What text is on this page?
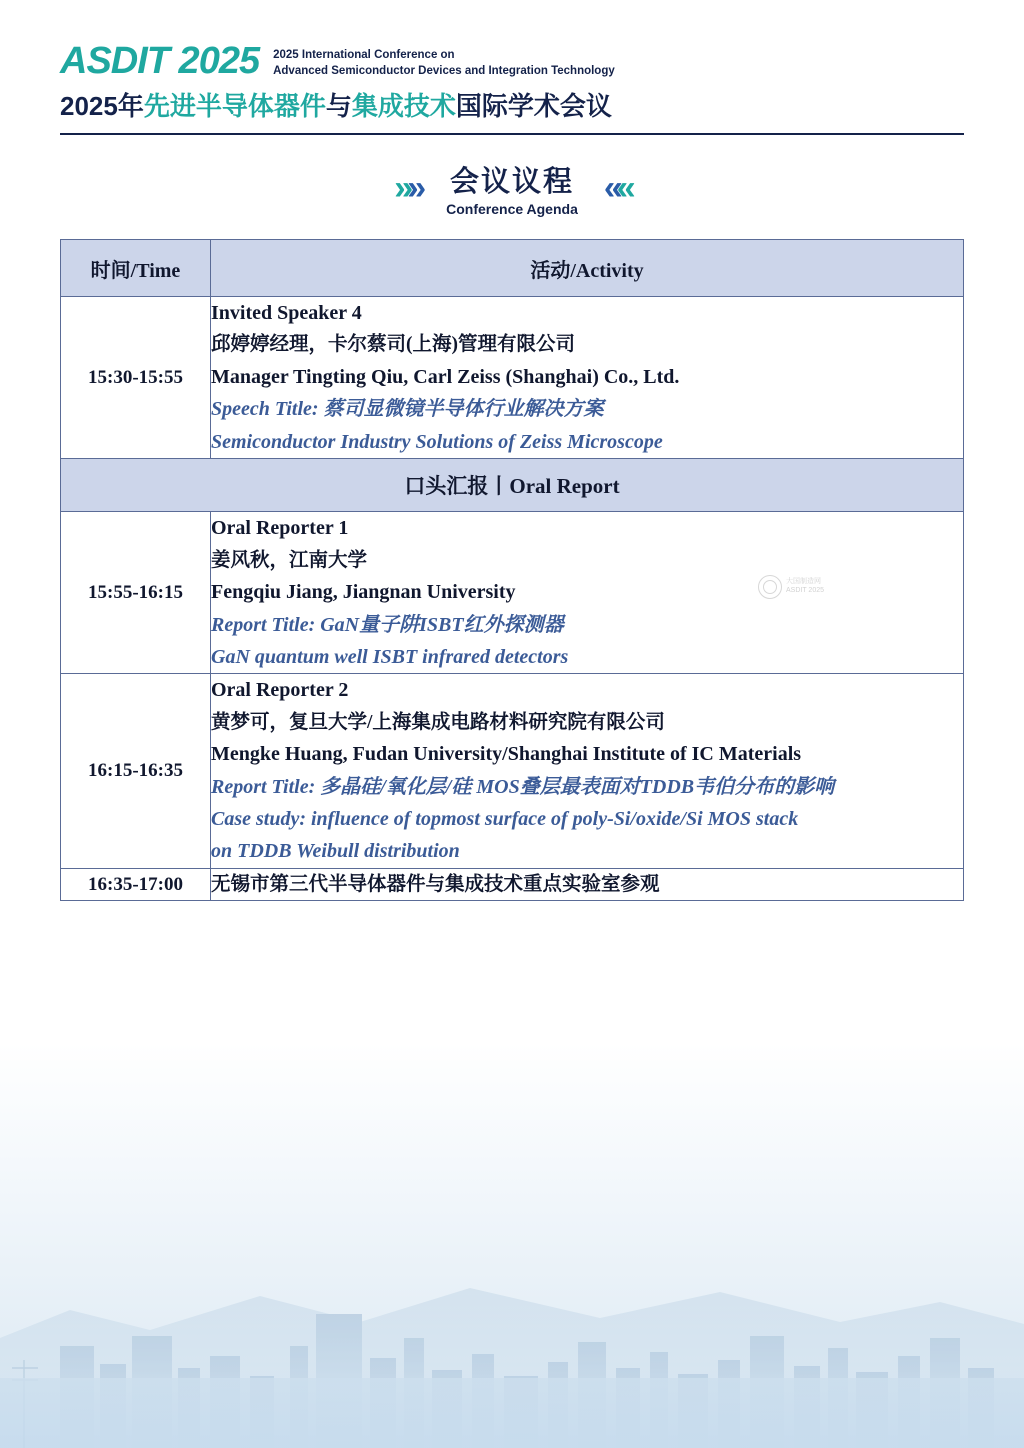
ASDIT 2025 2025 International Conference on
Advanced Semiconductor Devices and Integration Technology
2025年先进半导体器件与集成技术国际学术会议
» » 会议议程
Conference Agenda
« «
时间/Time	活动/Activity
15:30-15:55	Invited Speaker 4
邱婷婷经理，卡尔蔡司(上海)管理有限公司
Manager Tingting Qiu, Carl Zeiss (Shanghai) Co., Ltd.
Speech Title: 蔡司显微镜半导体行业解决方案
Semiconductor Industry Solutions of Zeiss Microscope

口头汇报丨Oral Report	
15:55-16:15	Oral Reporter 1
姜风秋，江南大学
Fengqiu Jiang, Jiangnan University
Report Title: GaN量子阱ISBT红外探测器
GaN quantum well ISBT infrared detectors

16:15-16:35	
Oral Reporter 2
黄梦可，复旦大学/上海集成电路材料研究院有限公司
Mengke Huang, Fudan University/Shanghai Institute of IC Materials
Report Title: 多晶硅/氧化层/硅 MOS叠层最表面对TDDB韦伯分布的影响
Case study: influence of topmost surface of poly-Si/oxide/Si MOS stack
on TDDB Weibull distribution

16:35-17:00	无锡市第三代半导体器件与集成技术重点实验室参观
大国制造网
ASDIT 2025
